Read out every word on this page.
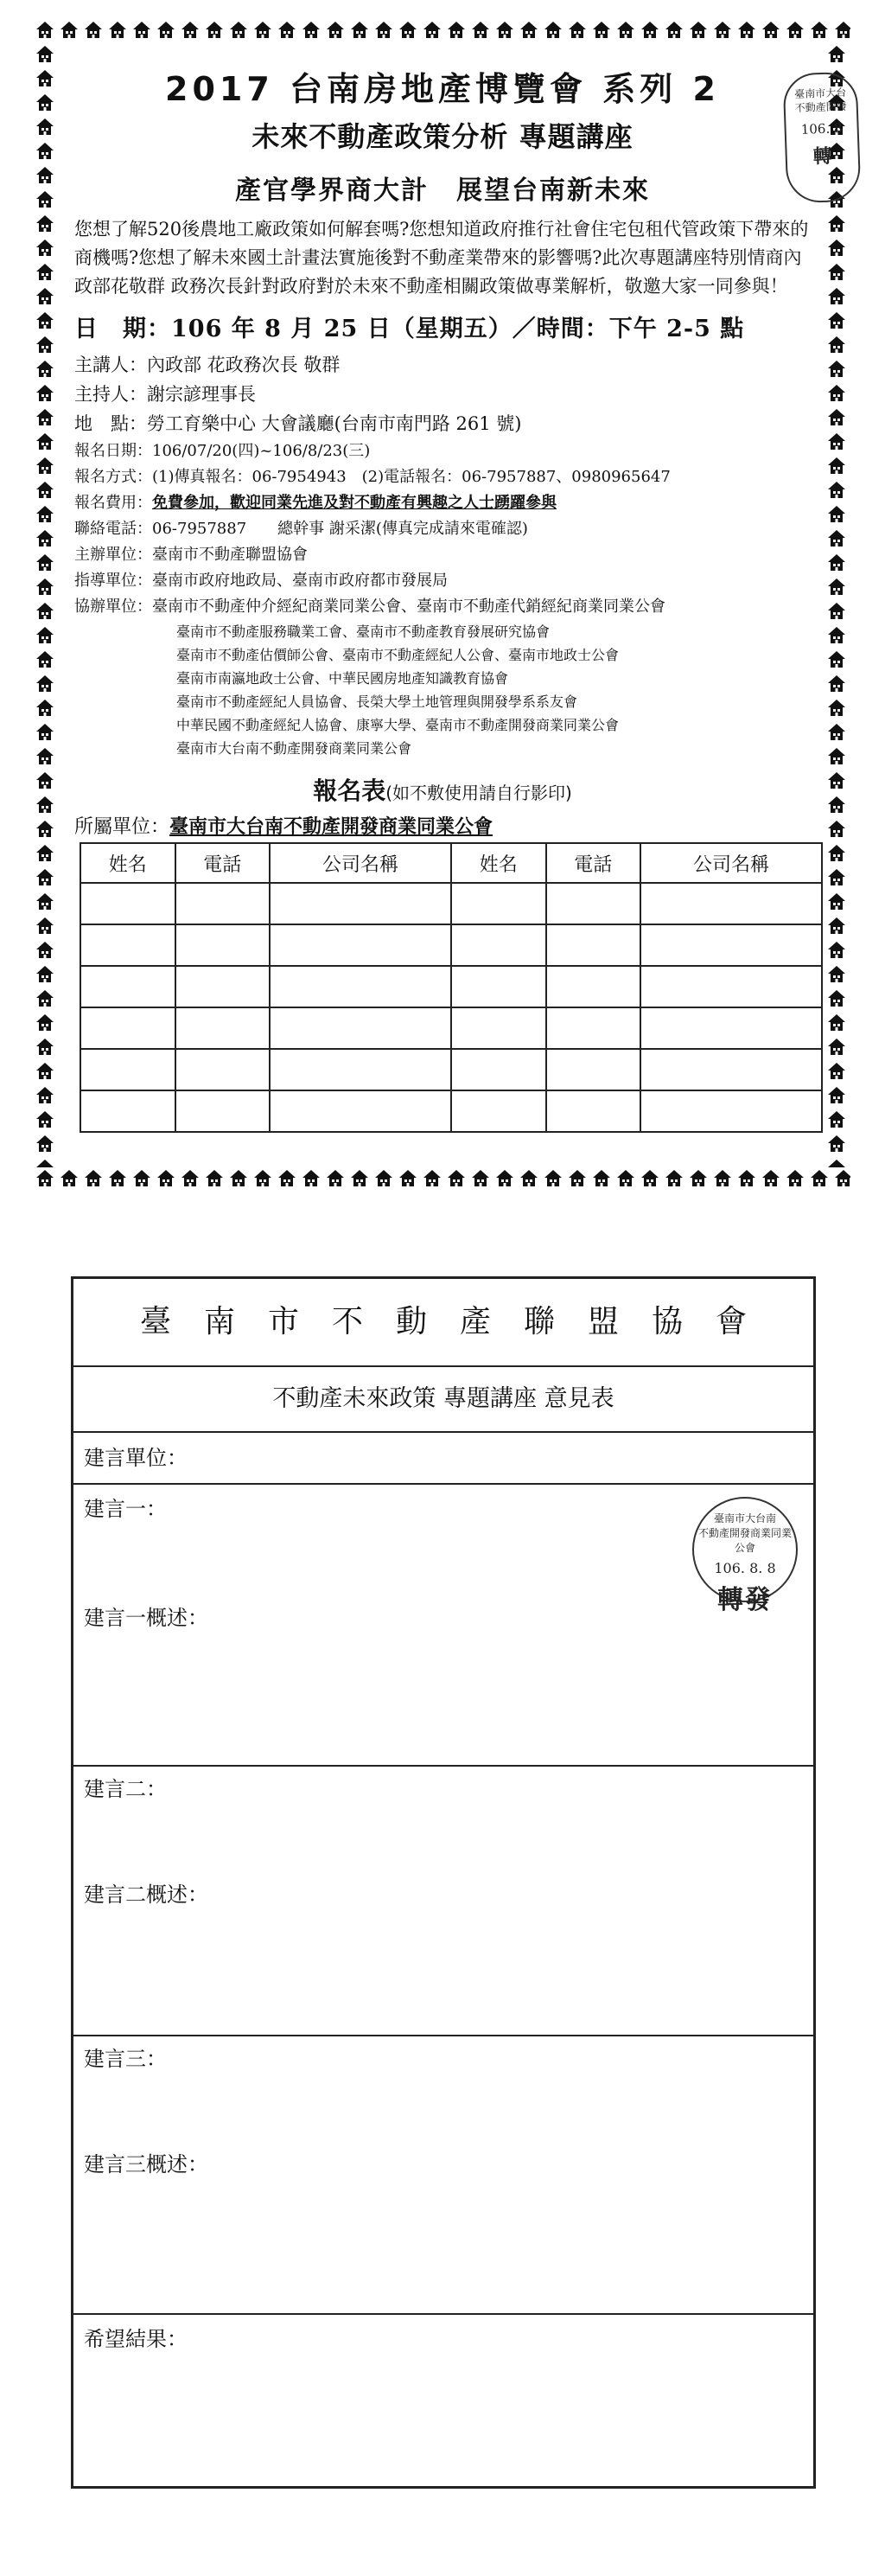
臺南市大台
不動產開發
106. 8
轉
2017 台南房地產博覽會 系列 2
未來不動產政策分析 專題講座
產官學界商大計　展望台南新未來
您想了解520後農地工廠政策如何解套嗎?您想知道政府推行社會住宅包租代管政策下帶來的商機嗎?您想了解未來國土計畫法實施後對不動產業帶來的影響嗎?此次專題講座特別情商內政部花敬群 政務次長針對政府對於未來不動產相關政策做專業解析，敬邀大家一同參與！
日　期：106 年 8 月 25 日（星期五）／時間：下午 2-5 點
主講人： 內政部 花政務次長 敬群
主持人： 謝宗諺理事長
地　點： 勞工育樂中心 大會議廳(台南市南門路 261 號)
報名日期： 106/07/20(四)~106/8/23(三)
報名方式： (1)傳真報名：06-7954943　(2)電話報名：06-7957887、0980965647
報名費用： 免費參加，歡迎同業先進及對不動產有興趣之人士踴躍參與
聯絡電話： 06-7957887　　總幹事 謝采潔(傳真完成請來電確認)
主辦單位： 臺南市不動產聯盟協會
指導單位： 臺南市政府地政局、臺南市政府都市發展局
協辦單位： 臺南市不動產仲介經紀商業同業公會、臺南市不動產代銷經紀商業同業公會
臺南市不動產服務職業工會、臺南市不動產教育發展研究協會
臺南市不動產估價師公會、臺南市不動產經紀人公會、臺南市地政士公會
臺南市南瀛地政士公會、中華民國房地產知識教育協會
臺南市不動產經紀人員協會、長榮大學土地管理與開發學系系友會
中華民國不動產經紀人協會、康寧大學、臺南市不動產開發商業同業公會
臺南市大台南不動產開發商業同業公會
報名表(如不敷使用請自行影印)
所屬單位：臺南市大台南不動產開發商業同業公會
姓名	電話	公司名稱	姓名	電話	公司名稱

臺南市不動產聯盟協會
不動產未來政策 專題講座 意見表
建言單位：
建言一：
建言一概述：
臺南市大台南
不動產開發商業同業公會
106. 8. 8
轉發
建言二：
建言二概述：
建言三：
建言三概述：
希望結果：
